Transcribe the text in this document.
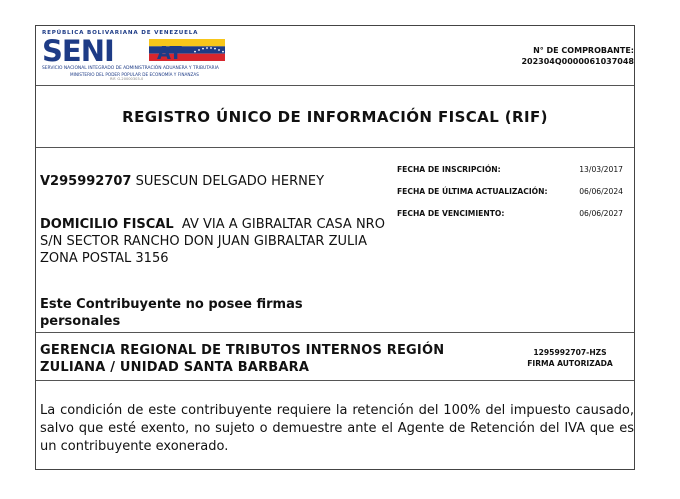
REPÚBLICA BOLIVARIANA DE VENEZUELA
SENI AT
SERVICIO NACIONAL INTEGRADO DE ADMINISTRACIÓN ADUANERA Y TRIBUTARIA
MINISTERIO DEL PODER POPULAR DE ECONOMÍA Y FINANZAS
RIF. G-20000303-0
N° DE COMPROBANTE:
202304Q0000061037048
REGISTRO ÚNICO DE INFORMACIÓN FISCAL (RIF)
V295992707 SUESCUN DELGADO HERNEY
DOMICILIO FISCAL AV VIA A GIBRALTAR CASA NRO S/N SECTOR RANCHO DON JUAN GIBRALTAR ZULIA ZONA POSTAL 3156
FECHA DE INSCRIPCIÓN:	13/03/2017
FECHA DE ÚLTIMA ACTUALIZACIÓN:	06/06/2024
FECHA DE VENCIMIENTO:	06/06/2027
Este Contribuyente no posee firmas personales
GERENCIA REGIONAL DE TRIBUTOS INTERNOS REGIÓN ZULIANA / UNIDAD SANTA BARBARA
1295992707-HZS
FIRMA AUTORIZADA
La condición de este contribuyente requiere la retención del 100% del impuesto causado, salvo que esté exento, no sujeto o demuestre ante el Agente de Retención del IVA que es un contribuyente exonerado.
